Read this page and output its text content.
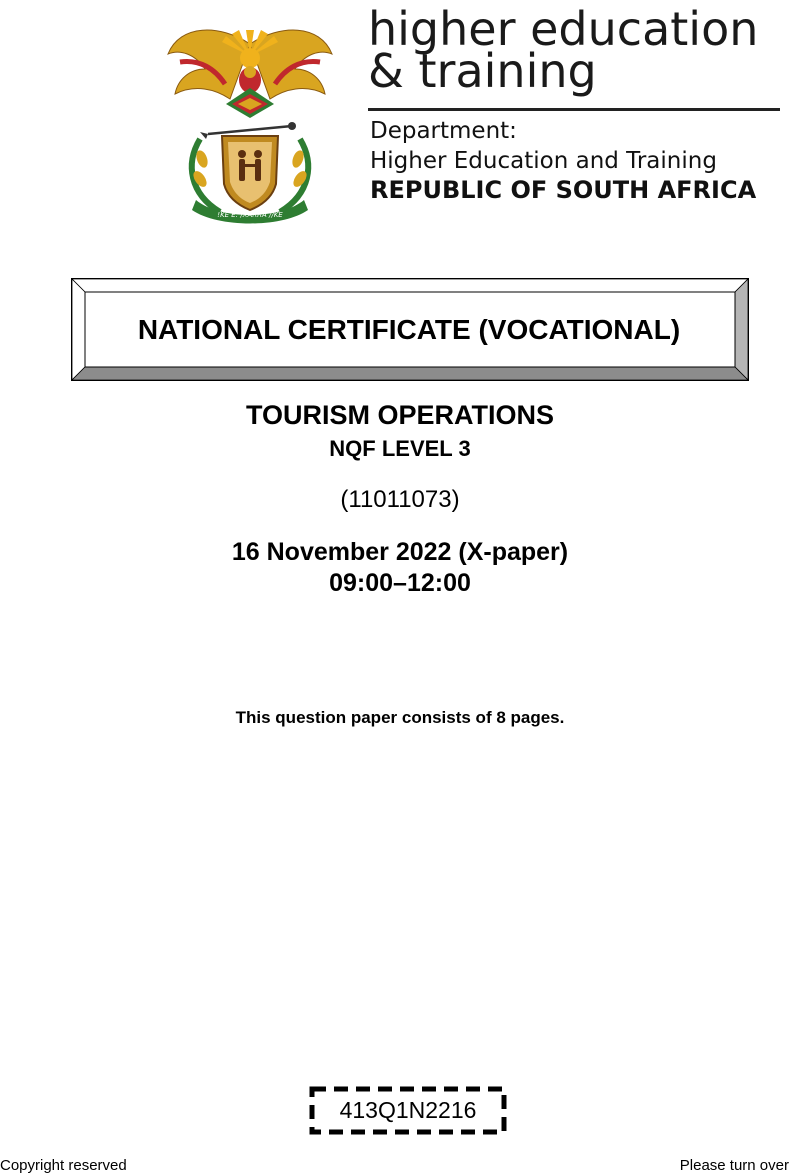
!KE E: /XARRA //KE
higher education
& training
Department:
Higher Education and Training
REPUBLIC OF SOUTH AFRICA
NATIONAL CERTIFICATE (VOCATIONAL)
TOURISM OPERATIONS
NQF LEVEL 3
(11011073)
16 November 2022 (X-paper)
09:00–12:00
This question paper consists of 8 pages.
413Q1N2216
Copyright reserved	Please turn over
